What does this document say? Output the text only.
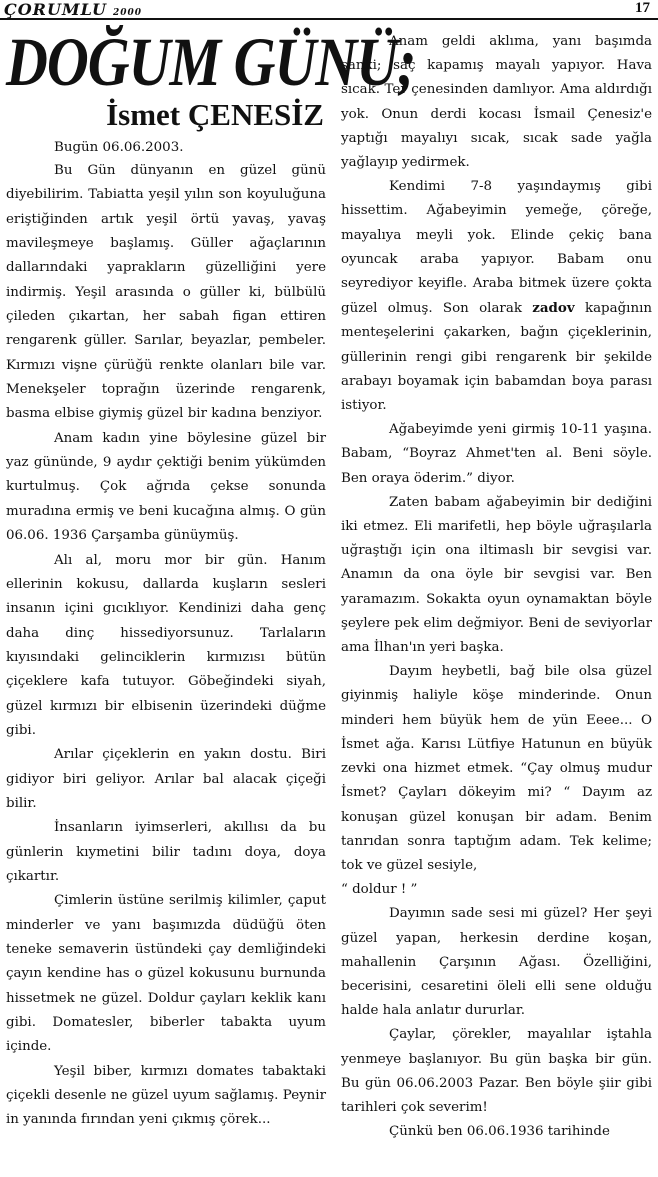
ÇORUMLU 2000	17
DOĞUM GÜNÜ;
İsmet ÇENESİZ

Bugün 06.06.2003.

Bu Gün dünyanın en güzel günü diyebilirim. Tabiatta yeşil yılın son koyuluğuna eriştiğinden artık yeşil örtü yavaş, yavaş mavileşmeye başlamış. Güller ağaçlarının dallarındaki yaprakların güzelliğini yere indirmiş. Yeşil arasında o güller ki, bülbülü çileden çıkartan, her sabah figan ettiren rengarenk güller. Sarılar, beyazlar, pembeler. Kırmızı vişne çürüğü renkte olanları bile var. Menekşeler toprağın üzerinde rengarenk, basma elbise giymiş güzel bir kadına benziyor.

Anam kadın yine böylesine güzel bir yaz gününde, 9 aydır çektiği benim yükümden kurtulmuş. Çok ağrıda çekse sonunda muradına ermiş ve beni kucağına almış. O gün 06.06. 1936 Çarşamba günüymüş.

Alı al, moru mor bir gün. Hanım ellerinin kokusu, dallarda kuşların sesleri insanın içini gıcıklıyor. Kendinizi daha genç daha dinç hissediyorsunuz. Tarlaların kıyısındaki gelinciklerin kırmızısı bütün çiçeklere kafa tutuyor. Göbeğindeki siyah, güzel kırmızı bir elbisenin üzerindeki düğme gibi.

Arılar çiçeklerin en yakın dostu. Biri gidiyor biri geliyor. Arılar bal alacak çiçeği bilir.

İnsanların iyimserleri, akıllısı da bu günlerin kıymetini bilir tadını doya, doya çıkartır.

Çimlerin üstüne serilmiş kilimler, çaput minderler ve yanı başımızda düdüğü öten teneke semaverin üstündeki çay demliğindeki çayın kendine has o güzel kokusunu burnunda hissetmek ne güzel. Doldur çayları keklik kanı gibi. Domatesler, biberler tabakta uyum içinde.

Yeşil biber, kırmızı domates tabaktaki çiçekli desenle ne güzel uyum sağlamış. Peynir in yanında fırından yeni çıkmış çörek...

Anam geldi aklıma, yanı başımda sanki; saç kapamış mayalı yapıyor. Hava sıcak. Ter çenesinden damlıyor. Ama aldırdığı yok. Onun derdi kocası İsmail Çenesiz'e yaptığı mayalıyı sıcak, sıcak sade yağla yağlayıp yedirmek.

Kendimi 7-8 yaşındaymış gibi hissettim. Ağabeyimin yemeğe, çöreğe, mayalıya meyli yok. Elinde çekiç bana oyuncak araba yapıyor. Babam onu seyrediyor keyifle. Araba bitmek üzere çokta güzel olmuş. Son olarak zadov kapağının menteşelerini çakarken, bağın çiçeklerinin, güllerinin rengi gibi rengarenk bir şekilde arabayı boyamak için babamdan boya parası istiyor.

Ağabeyimde yeni girmiş 10-11 yaşına. Babam, “Boyraz Ahmet'ten al. Beni söyle. Ben oraya öderim.” diyor.

Zaten babam ağabeyimin bir dediğini iki etmez. Eli marifetli, hep böyle uğraşılarla uğraştığı için ona iltimaslı bir sevgisi var. Anamın da ona öyle bir sevgisi var. Ben yaramazım. Sokakta oyun oynamaktan böyle şeylere pek elim değmiyor. Beni de seviyorlar ama İlhan'ın yeri başka.

Dayım heybetli, bağ bile olsa güzel giyinmiş haliyle köşe minderinde. Onun minderi hem büyük hem de yün Eeee... O İsmet ağa. Karısı Lütfiye Hatunun en büyük zevki ona hizmet etmek. “Çay olmuş mudur İsmet? Çayları dökeyim mi? “ Dayım az konuşan güzel konuşan bir adam. Benim tanrıdan sonra taptığım adam. Tek kelime; tok ve güzel sesiyle,

“ doldur ! ”

Dayımın sade sesi mi güzel? Her şeyi güzel yapan, herkesin derdine koşan, mahallenin Çarşının Ağası. Özelliğini, becerisini, cesaretini öleli elli sene olduğu halde hala anlatır dururlar.

Çaylar, çörekler, mayalılar iştahla yenmeye başlanıyor. Bu gün başka bir gün. Bu gün 06.06.2003 Pazar. Ben böyle şiir gibi tarihleri çok severim!

Çünkü ben 06.06.1936 tarihinde
